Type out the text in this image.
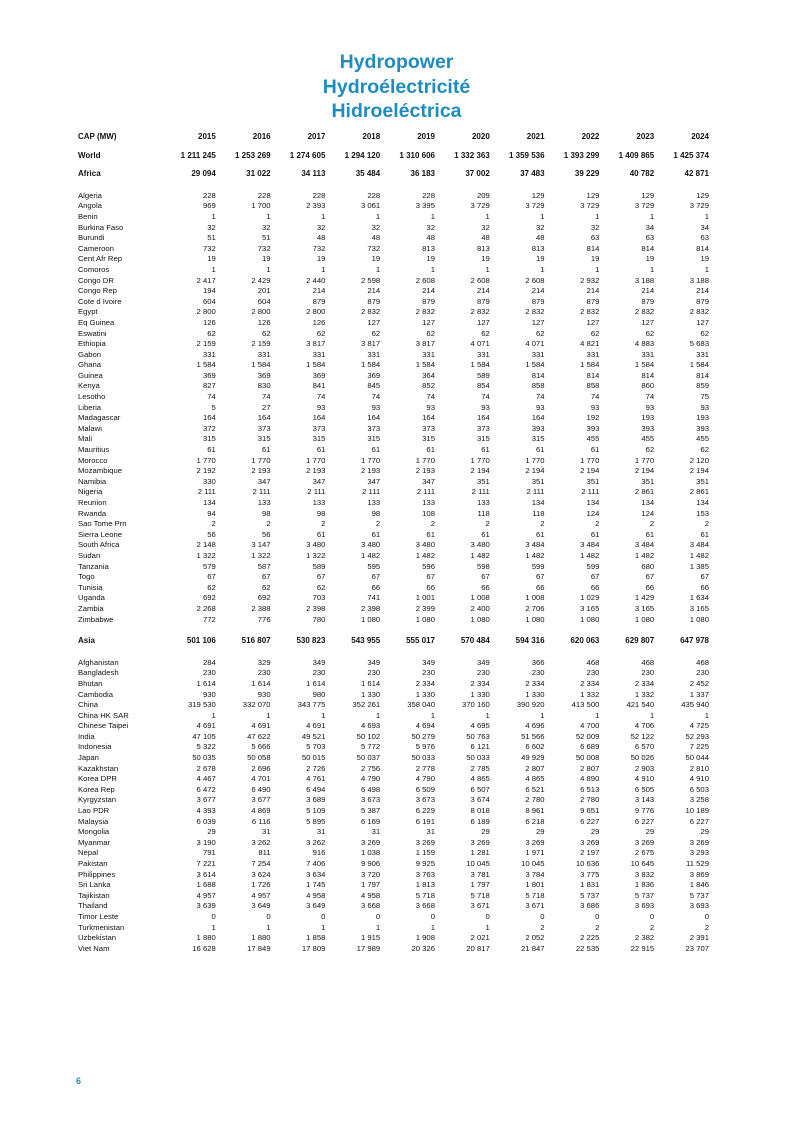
Hydropower
Hydroélectricité
Hidroeléctrica
CAP (MW)	2015	2016	2017	2018	2019	2020	2021	2022	2023	2024

World	1 211 245	1 253 269	1 274 605	1 294 120	1 310 606	1 332 363	1 359 536	1 393 299	1 409 865	1 425 374

Africa	29 094	31 022	34 113	35 484	36 183	37 002	37 483	39 229	40 782	42 871

Algeria	228	228	228	228	228	209	129	129	129	129
Angola	969	1 700	2 393	3 061	3 395	3 729	3 729	3 729	3 729	3 729
Benin	1	1	1	1	1	1	1	1	1	1
Burkina Faso	32	32	32	32	32	32	32	32	34	34
Burundi	51	51	48	48	48	48	48	63	63	63
Cameroon	732	732	732	732	813	813	813	814	814	814
Cent Afr Rep	19	19	19	19	19	19	19	19	19	19
Comoros	1	1	1	1	1	1	1	1	1	1
Congo DR	2 417	2 429	2 440	2 598	2 608	2 608	2 608	2 932	3 188	3 188
Congo Rep	194	201	214	214	214	214	214	214	214	214
Cote d Ivoire	604	604	879	879	879	879	879	879	879	879
Egypt	2 800	2 800	2 800	2 832	2 832	2 832	2 832	2 832	2 832	2 832
Eq Guinea	126	126	126	127	127	127	127	127	127	127
Eswatini	62	62	62	62	62	62	62	62	62	62
Ethiopia	2 159	2 159	3 817	3 817	3 817	4 071	4 071	4 821	4 883	5 683
Gabon	331	331	331	331	331	331	331	331	331	331
Ghana	1 584	1 584	1 584	1 584	1 584	1 584	1 584	1 584	1 584	1 584
Guinea	369	369	369	369	364	589	814	814	814	814
Kenya	827	830	841	845	852	854	858	858	860	859
Lesotho	74	74	74	74	74	74	74	74	74	75
Liberia	5	27	93	93	93	93	93	93	93	93
Madagascar	164	164	164	164	164	164	164	192	193	193
Malawi	372	373	373	373	373	373	393	393	393	393
Mali	315	315	315	315	315	315	315	455	455	455
Mauritius	61	61	61	61	61	61	61	61	62	62
Morocco	1 770	1 770	1 770	1 770	1 770	1 770	1 770	1 770	1 770	2 120
Mozambique	2 192	2 193	2 193	2 193	2 193	2 194	2 194	2 194	2 194	2 194
Namibia	330	347	347	347	347	351	351	351	351	351
Nigeria	2 111	2 111	2 111	2 111	2 111	2 111	2 111	2 111	2 861	2 861
Reunion	134	133	133	133	133	133	134	134	134	134
Rwanda	94	98	98	98	108	118	118	124	124	153
Sao Tome Prn	2	2	2	2	2	2	2	2	2	2
Sierra Leone	56	56	61	61	61	61	61	61	61	61
South Africa	2 148	3 147	3 480	3 480	3 480	3 480	3 484	3 484	3 484	3 484
Sudan	1 322	1 322	1 322	1 482	1 482	1 482	1 482	1 482	1 482	1 482
Tanzania	579	587	589	595	596	598	599	599	680	1 385
Togo	67	67	67	67	67	67	67	67	67	67
Tunisia	62	62	62	66	66	66	66	66	66	66
Uganda	692	692	703	741	1 001	1 008	1 008	1 029	1 429	1 634
Zambia	2 268	2 388	2 398	2 398	2 399	2 400	2 706	3 165	3 165	3 165
Zimbabwe	772	776	780	1 080	1 080	1 080	1 080	1 080	1 080	1 080

Asia	501 106	516 807	530 823	543 955	555 017	570 484	594 316	620 063	629 807	647 978

Afghanistan	284	329	349	349	349	349	366	468	468	468
Bangladesh	230	230	230	230	230	230	230	230	230	230
Bhutan	1 614	1 614	1 614	1 614	2 334	2 334	2 334	2 334	2 334	2 452
Cambodia	930	930	980	1 330	1 330	1 330	1 330	1 332	1 332	1 337
China	319 530	332 070	343 775	352 261	358 040	370 160	390 920	413 500	421 540	435 940
China HK SAR	1	1	1	1	1	1	1	1	1	1
Chinese Taipei	4 691	4 691	4 691	4 693	4 694	4 695	4 696	4 700	4 706	4 725
India	47 105	47 622	49 521	50 102	50 279	50 763	51 566	52 009	52 122	52 293
Indonesia	5 322	5 666	5 703	5 772	5 976	6 121	6 602	6 689	6 570	7 225
Japan	50 035	50 058	50 015	50 037	50 033	50 033	49 929	50 008	50 026	50 044
Kazakhstan	2 678	2 696	2 726	2 756	2 778	2 785	2 807	2 807	2 903	2 810
Korea DPR	4 467	4 701	4 761	4 790	4 790	4 865	4 865	4 890	4 910	4 910
Korea Rep	6 472	6 490	6 494	6 498	6 509	6 507	6 521	6 513	6 505	6 503
Kyrgyzstan	3 677	3 677	3 689	3 673	3 673	3 674	2 780	2 780	3 143	3 258
Lao PDR	4 393	4 869	5 109	5 387	6 229	8 018	8 961	9 651	9 776	10 189
Malaysia	6 039	6 116	5 895	6 169	6 191	6 189	6 218	6 227	6 227	6 227
Mongolia	29	31	31	31	31	29	29	29	29	29
Myanmar	3 190	3 262	3 262	3 269	3 269	3 269	3 269	3 269	3 269	3 269
Nepal	791	811	916	1 038	1 159	1 281	1 971	2 197	2 675	3 293
Pakistan	7 221	7 254	7 406	9 906	9 925	10 045	10 045	10 636	10 645	11 529
Philippines	3 614	3 624	3 634	3 720	3 763	3 781	3 784	3 775	3 832	3 869
Sri Lanka	1 688	1 726	1 745	1 797	1 813	1 797	1 801	1 831	1 836	1 846
Tajikistan	4 957	4 957	4 958	4 958	5 718	5 718	5 718	5 737	5 737	5 737
Thailand	3 639	3 649	3 649	3 668	3 668	3 671	3 671	3 686	3 693	3 693
Timor Leste	0	0	0	0	0	0	0	0	0	0
Turkmenistan	1	1	1	1	1	1	2	2	2	2
Uzbekistan	1 880	1 880	1 858	1 915	1 908	2 021	2 052	2 225	2 382	2 391
Viet Nam	16 628	17 849	17 809	17 989	20 326	20 817	21 847	22 535	22 915	23 707
6
